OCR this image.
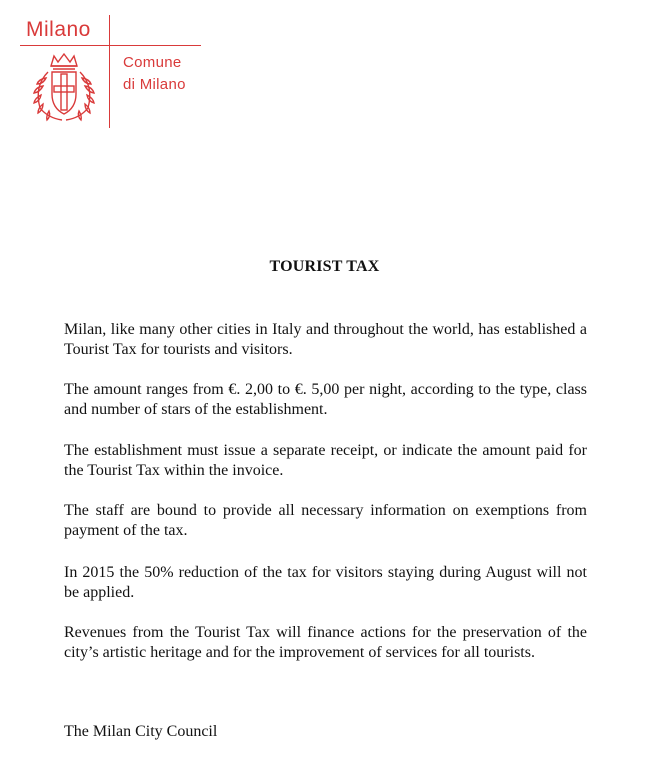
Milano
Comune
di Milano
TOURIST TAX

Milan, like many other cities in Italy and throughout the world, has established a Tourist Tax for tourists and visitors.

The amount ranges from €. 2,00 to €. 5,00 per night, according to the type, class and number of stars of the establishment.

The establishment must issue a separate receipt, or indicate the amount paid for the Tourist Tax within the invoice.

The staff are bound to provide all necessary information on exemptions from payment of the tax.

In 2015 the 50% reduction of the tax for visitors staying during August will not be applied.

Revenues from the Tourist Tax will finance actions for the preservation of the city’s artistic heritage and for the improvement of services for all tourists.

The Milan City Council
